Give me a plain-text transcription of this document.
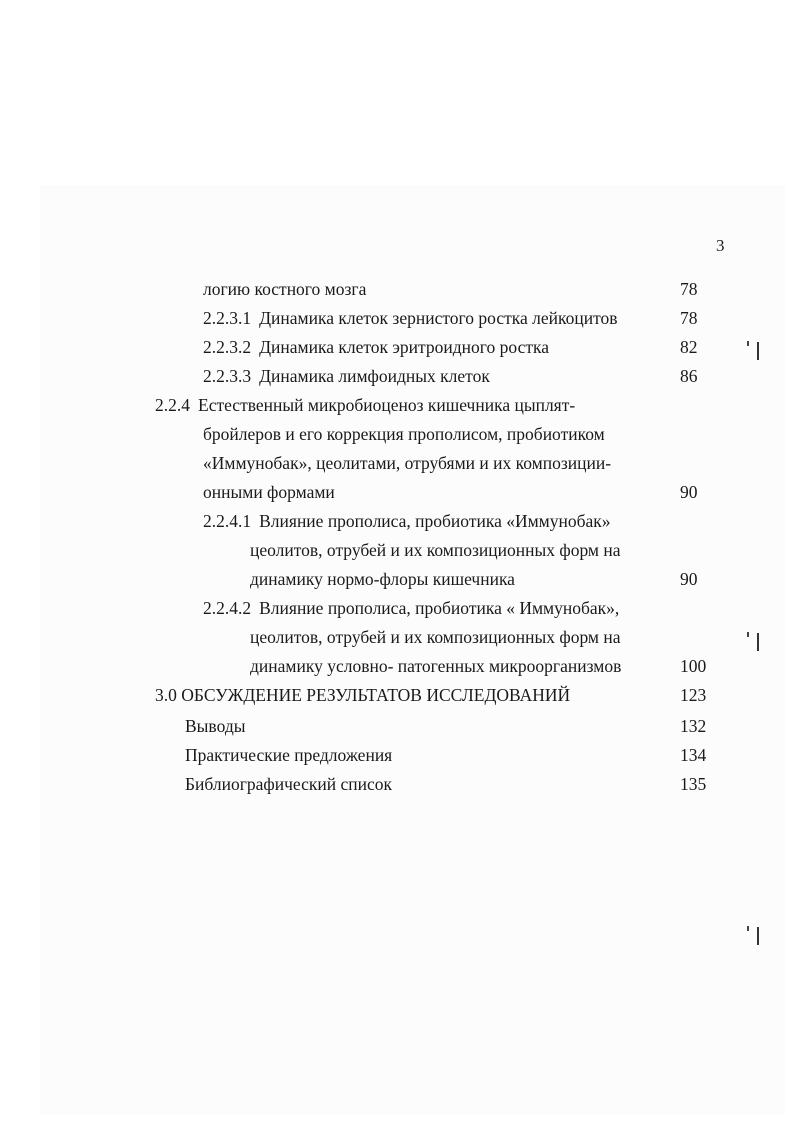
3
логию костного мозга	78
2.2.3.1 Динамика клеток зернистого ростка лейкоцитов	78
2.2.3.2 Динамика клеток эритроидного ростка	82
2.2.3.3 Динамика лимфоидных клеток	86
2.2.4 Естественный микробиоценоз кишечника цыплят-
бройлеров и его коррекция прополисом, пробиотиком
«Иммунобак», цеолитами, отрубями и их композиции-
онными формами	90
2.2.4.1 Влияние прополиса, пробиотика «Иммунобак»
цеолитов, отрубей и их композиционных форм на
динамику нормо-флоры кишечника	90
2.2.4.2 Влияние прополиса, пробиотика « Иммунобак»,
цеолитов, отрубей и их композиционных форм на
динамику условно- патогенных микроорганизмов	100
3.0 ОБСУЖДЕНИЕ РЕЗУЛЬТАТОВ ИССЛЕДОВАНИЙ	123
Выводы	132
Практические предложения	134
Библиографический список	135
